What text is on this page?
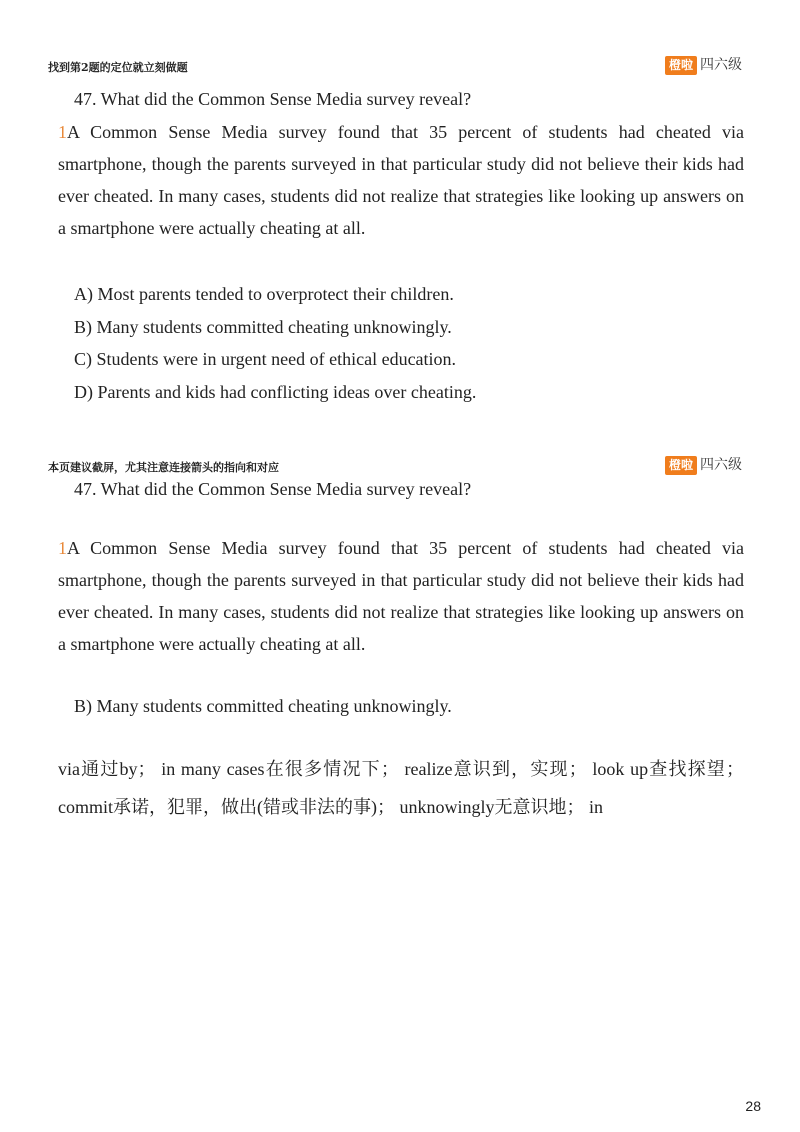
找到第2题的定位就立刻做题	橙啦 四六级

47. What did the Common Sense Media survey reveal?

1A Common Sense Media survey found that 35 percent of students had cheated via smartphone, though the parents surveyed in that particular study did not believe their kids had ever cheated. In many cases, students did not realize that strategies like looking up answers on a smartphone were actually cheating at all.

A) Most parents tended to overprotect their children.
B) Many students committed cheating unknowingly.
C) Students were in urgent need of ethical education.
D) Parents and kids had conflicting ideas over cheating.
本页建议截屏，尤其注意连接箭头的指向和对应	橙啦 四六级

47. What did the Common Sense Media survey reveal?

1A Common Sense Media survey found that 35 percent of students had cheated via smartphone, though the parents surveyed in that particular study did not believe their kids had ever cheated. In many cases, students did not realize that strategies like looking up answers on a smartphone were actually cheating at all.

B) Many students committed cheating unknowingly.

via通过by； in many cases在很多情况下； realize意识到，实现； look up查找探望； commit承诺，犯罪，做出(错或非法的事)； unknowingly无意识地； in

28
